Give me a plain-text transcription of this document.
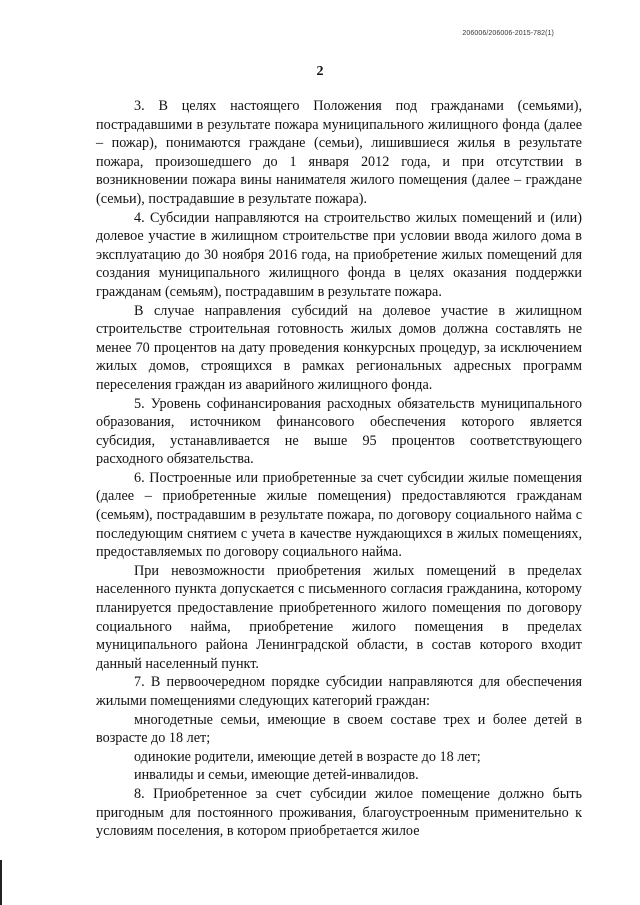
206006/206006-2015-782(1)
2

3. В целях настоящего Положения под гражданами (семьями), пострадавшими в результате пожара муниципального жилищного фонда (далее – пожар), понимаются граждане (семьи), лишившиеся жилья в результате пожара, произошедшего до 1 января 2012 года, и при отсутствии в возникновении пожара вины нанимателя жилого помещения (далее – граждане (семьи), пострадавшие в результате пожара).

4. Субсидии направляются на строительство жилых помещений и (или) долевое участие в жилищном строительстве при условии ввода жилого дома в эксплуатацию до 30 ноября 2016 года, на приобретение жилых помещений для создания муниципального жилищного фонда в целях оказания поддержки гражданам (семьям), пострадавшим в результате пожара.

В случае направления субсидий на долевое участие в жилищном строительстве строительная готовность жилых домов должна составлять не менее 70 процентов на дату проведения конкурсных процедур, за исключением жилых домов, строящихся в рамках региональных адресных программ переселения граждан из аварийного жилищного фонда.

5. Уровень софинансирования расходных обязательств муниципального образования, источником финансового обеспечения которого является субсидия, устанавливается не выше 95 процентов соответствующего расходного обязательства.

6. Построенные или приобретенные за счет субсидии жилые помещения (далее – приобретенные жилые помещения) предоставляются гражданам (семьям), пострадавшим в результате пожара, по договору социального найма с последующим снятием с учета в качестве нуждающихся в жилых помещениях, предоставляемых по договору социального найма.

При невозможности приобретения жилых помещений в пределах населенного пункта допускается с письменного согласия гражданина, которому планируется предоставление приобретенного жилого помещения по договору социального найма, приобретение жилого помещения в пределах муниципального района Ленинградской области, в состав которого входит данный населенный пункт.

7. В первоочередном порядке субсидии направляются для обеспечения жилыми помещениями следующих категорий граждан:

многодетные семьи, имеющие в своем составе трех и более детей в возрасте до 18 лет;

одинокие родители, имеющие детей в возрасте до 18 лет;

инвалиды и семьи, имеющие детей-инвалидов.

8. Приобретенное за счет субсидии жилое помещение должно быть пригодным для постоянного проживания, благоустроенным применительно к условиям поселения, в котором приобретается жилое
